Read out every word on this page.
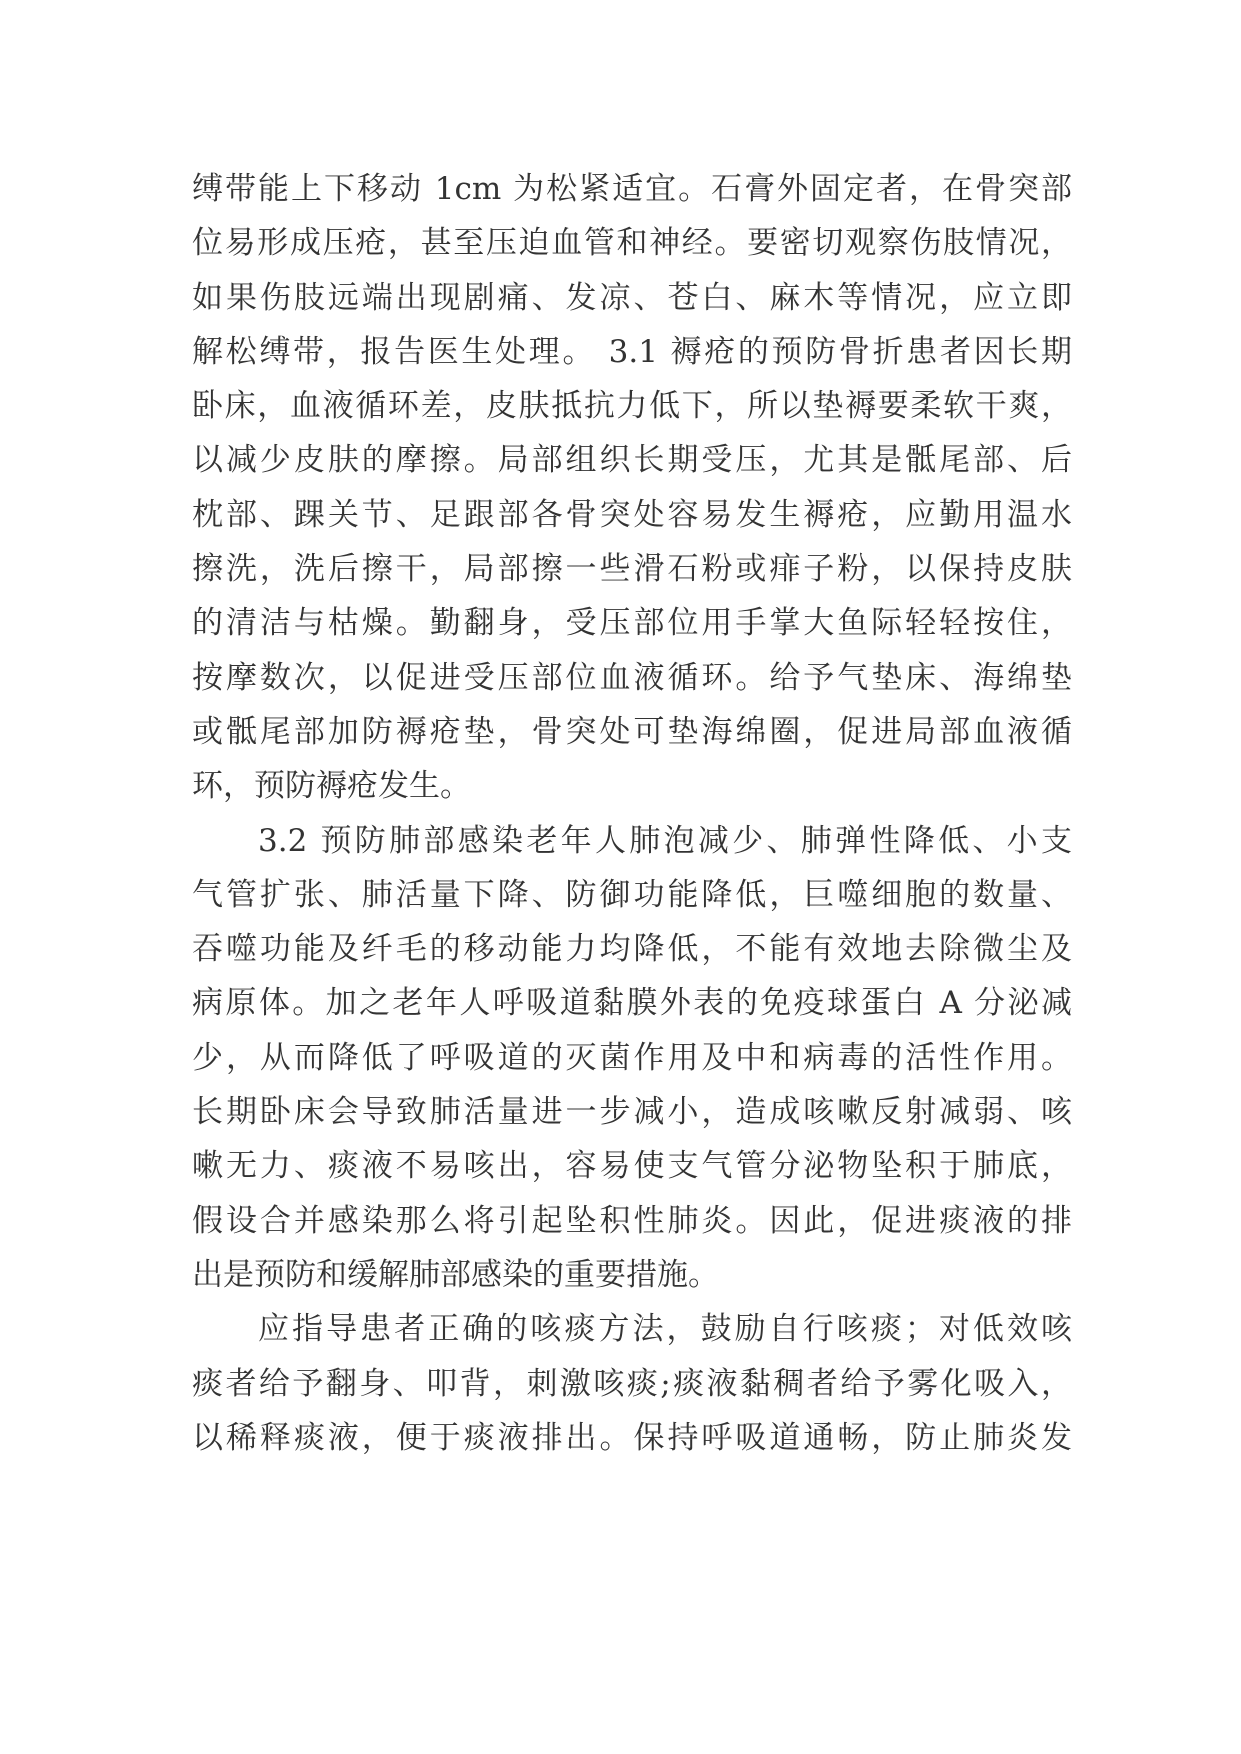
缚带能上下移动 1cm 为松紧适宜。石膏外固定者，在骨突部
位易形成压疮，甚至压迫血管和神经。要密切观察伤肢情况，
如果伤肢远端出现剧痛、发凉、苍白、麻木等情况，应立即
解松缚带，报告医生处理。 3.1 褥疮的预防骨折患者因长期
卧床，血液循环差，皮肤抵抗力低下，所以垫褥要柔软干爽，
以减少皮肤的摩擦。局部组织长期受压，尤其是骶尾部、后
枕部、踝关节、足跟部各骨突处容易发生褥疮，应勤用温水
擦洗，洗后擦干，局部擦一些滑石粉或痱子粉，以保持皮肤
的清洁与枯燥。勤翻身，受压部位用手掌大鱼际轻轻按住，
按摩数次，以促进受压部位血液循环。给予气垫床、海绵垫
或骶尾部加防褥疮垫，骨突处可垫海绵圈，促进局部血液循
环，预防褥疮发生。
3.2 预防肺部感染老年人肺泡减少、肺弹性降低、小支
气管扩张、肺活量下降、防御功能降低，巨噬细胞的数量、
吞噬功能及纤毛的移动能力均降低，不能有效地去除微尘及
病原体。加之老年人呼吸道黏膜外表的免疫球蛋白 A 分泌减
少，从而降低了呼吸道的灭菌作用及中和病毒的活性作用。
长期卧床会导致肺活量进一步减小，造成咳嗽反射减弱、咳
嗽无力、痰液不易咳出，容易使支气管分泌物坠积于肺底，
假设合并感染那么将引起坠积性肺炎。因此，促进痰液的排
出是预防和缓解肺部感染的重要措施。
应指导患者正确的咳痰方法，鼓励自行咳痰；对低效咳
痰者给予翻身、叩背，刺激咳痰;痰液黏稠者给予雾化吸入，
以稀释痰液，便于痰液排出。保持呼吸道通畅，防止肺炎发
